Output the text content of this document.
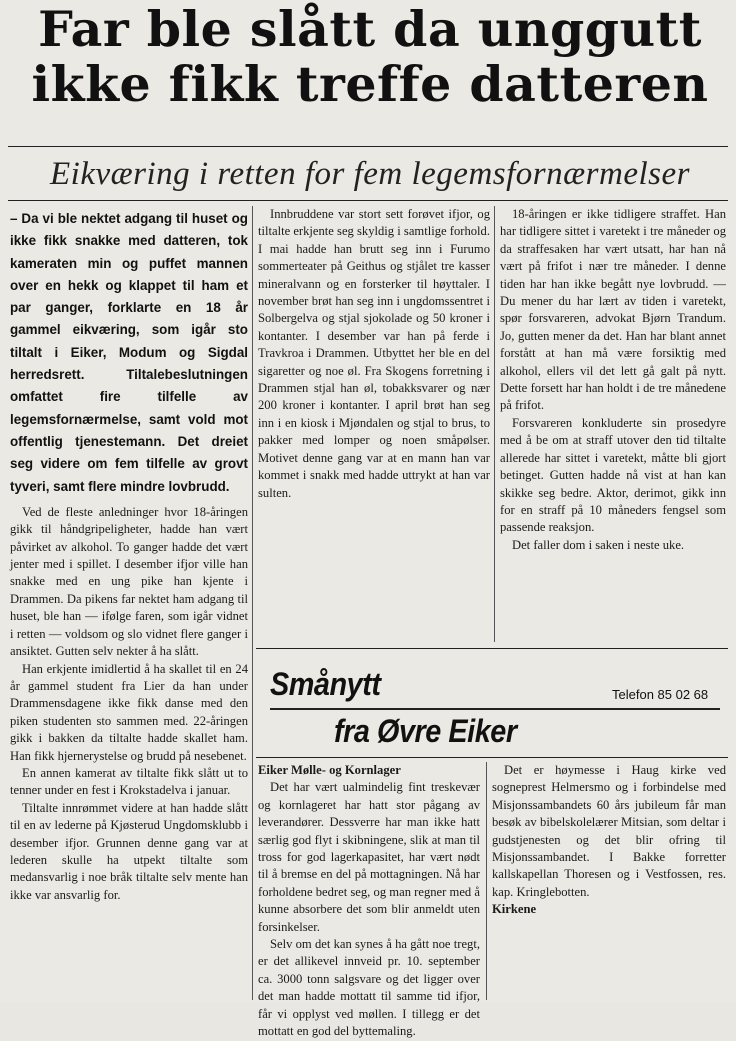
Far ble slått da unggutt
ikke fikk treffe datteren
Eikværing i retten for fem legemsfornærmelser

– Da vi ble nektet adgang til huset og ikke fikk snakke med datteren, tok kameraten min og puffet mannen over en hekk og klappet til ham et par ganger, forklarte en 18 år gammel eikværing, som igår sto tiltalt i Eiker, Modum og Sigdal herredsrett. Tiltalebeslutningen omfattet fire tilfelle av legemsfornærmelse, samt vold mot offentlig tjenestemann. Det dreiet seg videre om fem tilfelle av grovt tyveri, samt flere mindre lovbrudd.

Ved de fleste anledninger hvor 18-åringen gikk til håndgripeligheter, hadde han vært påvirket av alkohol. To ganger hadde det vært jenter med i spillet. I desember ifjor ville han snakke med en ung pike han kjente i Drammen. Da pikens far nektet ham adgang til huset, ble han — ifølge faren, som igår vidnet i retten — voldsom og slo vidnet flere ganger i ansiktet. Gutten selv nekter å ha slått.

Han erkjente imidlertid å ha skallet til en 24 år gammel student fra Lier da han under Drammensdagene ikke fikk danse med den piken studenten sto sammen med. 22-åringen gikk i bakken da tiltalte hadde skallet ham. Han fikk hjernerystelse og brudd på nesebenet.

En annen kamerat av tiltalte fikk slått ut to tenner under en fest i Krokstadelva i januar.

Tiltalte innrømmet videre at han hadde slått til en av lederne på Kjøsterud Ungdomsklubb i desember ifjor. Grunnen denne gang var at lederen skulle ha utpekt tiltalte som medansvarlig i noe bråk tiltalte selv mente han ikke var ansvarlig for.

Innbruddene var stort sett forøvet ifjor, og tiltalte erkjente seg skyldig i samtlige forhold. I mai hadde han brutt seg inn i Furumo sommerteater på Geithus og stjålet tre kasser mineralvann og en forsterker til høyttaler. I november brøt han seg inn i ungdomssentret i Solbergelva og stjal sjokolade og 50 kroner i kontanter. I desember var han på ferde i Travkroa i Drammen. Utbyttet her ble en del sigaretter og noe øl. Fra Skogens forretning i Drammen stjal han øl, tobakksvarer og nær 200 kroner i kontanter. I april brøt han seg inn i en kiosk i Mjøndalen og stjal to brus, to pakker med lomper og noen småpølser. Motivet denne gang var at en mann han var kommet i snakk med hadde uttrykt at han var sulten.

18-åringen er ikke tidligere straffet. Han har tidligere sittet i varetekt i tre måneder og da straffesaken har vært utsatt, har han nå vært på frifot i nær tre måneder. I denne tiden har han ikke begått nye lovbrudd. — Du mener du har lært av tiden i varetekt, spør forsvareren, advokat Bjørn Trandum. Jo, gutten mener da det. Han har blant annet forstått at han må være forsiktig med alkohol, ellers vil det lett gå galt på nytt. Dette forsett har han holdt i de tre månedene på frifot.

Forsvareren konkluderte sin prosedyre med å be om at straff utover den tid tiltalte allerede har sittet i varetekt, måtte bli gjort betinget. Gutten hadde nå vist at han kan skikke seg bedre. Aktor, derimot, gikk inn for en straff på 10 måneders fengsel som passende reaksjon.

Det faller dom i saken i neste uke.

Smånytt	Telefon 85 02 68
fra Øvre Eiker

Eiker Mølle- og Kornlager

Det har vært ualmindelig fint treskevær og kornlageret har hatt stor pågang av leverandører. Dessverre har man ikke hatt særlig god flyt i skibningene, slik at man til tross for god lagerkapasitet, har vært nødt til å bremse en del på mottagningen. Nå har forholdene bedret seg, og man regner med å kunne absorbere det som blir anmeldt uten forsinkelser.

Selv om det kan synes å ha gått noe tregt, er det allikevel innveid pr. 10. september ca. 3000 tonn salgsvare og det ligger over det man hadde mottatt til samme tid ifjor, får vi opplyst ved møllen. I tillegg er det mottatt en god del byttemaling.

Det er høymesse i Haug kirke ved sogneprest Helmersmo og i forbindelse med Misjonssambandets 60 års jubileum får man besøk av bibelskolelærer Mitsian, som deltar i gudstjenesten og det blir ofring til Misjonssambandet. I Bakke forretter kallskapellan Thoresen og i Vestfossen, res. kap. Kringlebotten.

Kirkene
